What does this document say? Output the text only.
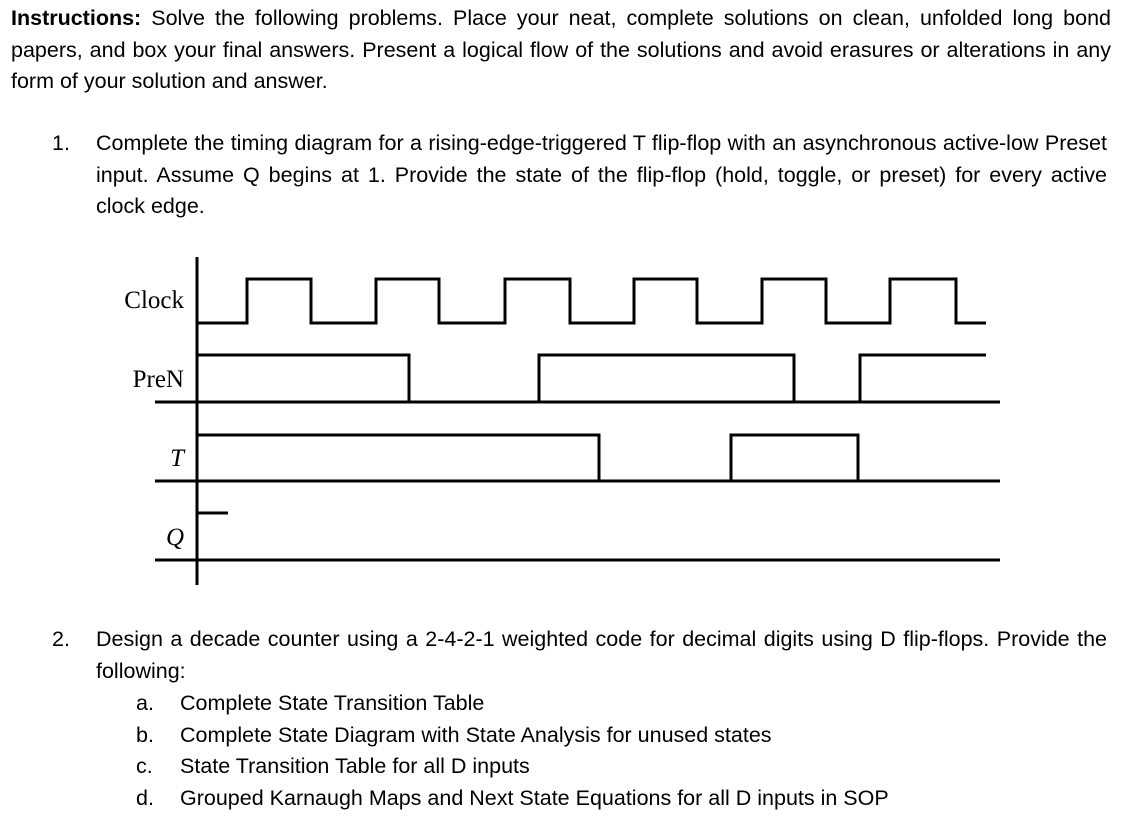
Instructions: Solve the following problems. Place your neat, complete solutions on clean, unfolded long bond papers, and box your final answers. Present a logical flow of the solutions and avoid erasures or alterations in any form of your solution and answer.
1. Complete the timing diagram for a rising-edge-triggered T flip-flop with an asynchronous active-low Preset input. Assume Q begins at 1. Provide the state of the flip-flop (hold, toggle, or preset) for every active clock edge.
Clock
PreN
T
Q
2. Design a decade counter using a 2-4-2-1 weighted code for decimal digits using D flip-flops. Provide the following:
a. Complete State Transition Table
b. Complete State Diagram with State Analysis for unused states
c. State Transition Table for all D inputs
d. Grouped Karnaugh Maps and Next State Equations for all D inputs in SOP
